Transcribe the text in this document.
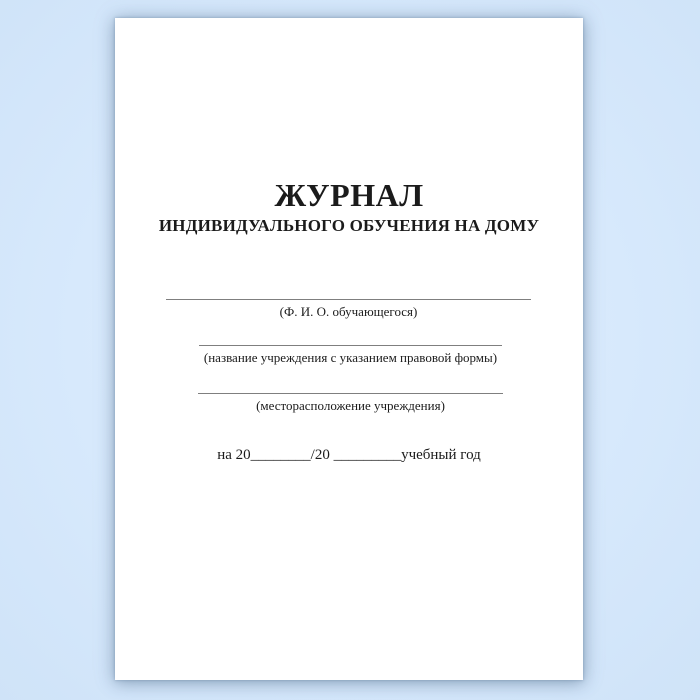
ЖУРНАЛ
ИНДИВИДУАЛЬНОГО ОБУЧЕНИЯ НА ДОМУ
(Ф. И. О. обучающегося)
(название учреждения с указанием правовой формы)
(месторасположение учреждения)
на 20________/20 _________учебный год
